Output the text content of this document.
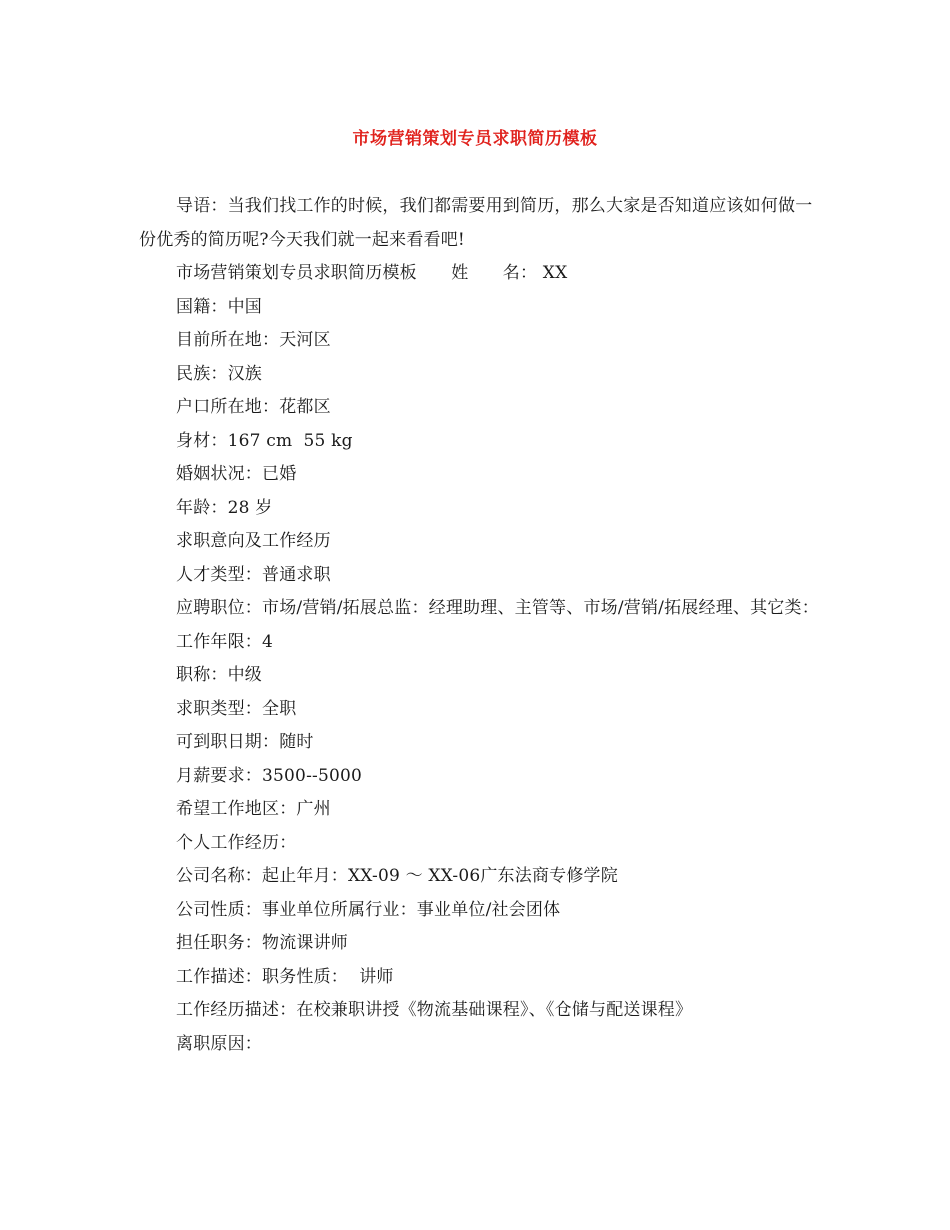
市场营销策划专员求职简历模板

导语：当我们找工作的时候，我们都需要用到简历，那么大家是否知道应该如何做一份优秀的简历呢?今天我们就一起来看看吧!

市场营销策划专员求职简历模板　　姓　　名： XX

国籍：中国

目前所在地：天河区

民族：汉族

户口所在地：花都区

身材：167 cm  55 kg

婚姻状况：已婚

年龄：28 岁

求职意向及工作经历

人才类型：普通求职

应聘职位：市场/营销/拓展总监：经理助理、主管等、市场/营销/拓展经理、其它类：

工作年限：4

职称：中级

求职类型：全职

可到职日期：随时

月薪要求：3500--5000

希望工作地区：广州

个人工作经历：

公司名称：起止年月：XX-09 ～ XX-06广东法商专修学院

公司性质：事业单位所属行业：事业单位/社会团体

担任职务：物流课讲师

工作描述：职务性质：  讲师

工作经历描述：在校兼职讲授《物流基础课程》、《仓储与配送课程》

离职原因：
